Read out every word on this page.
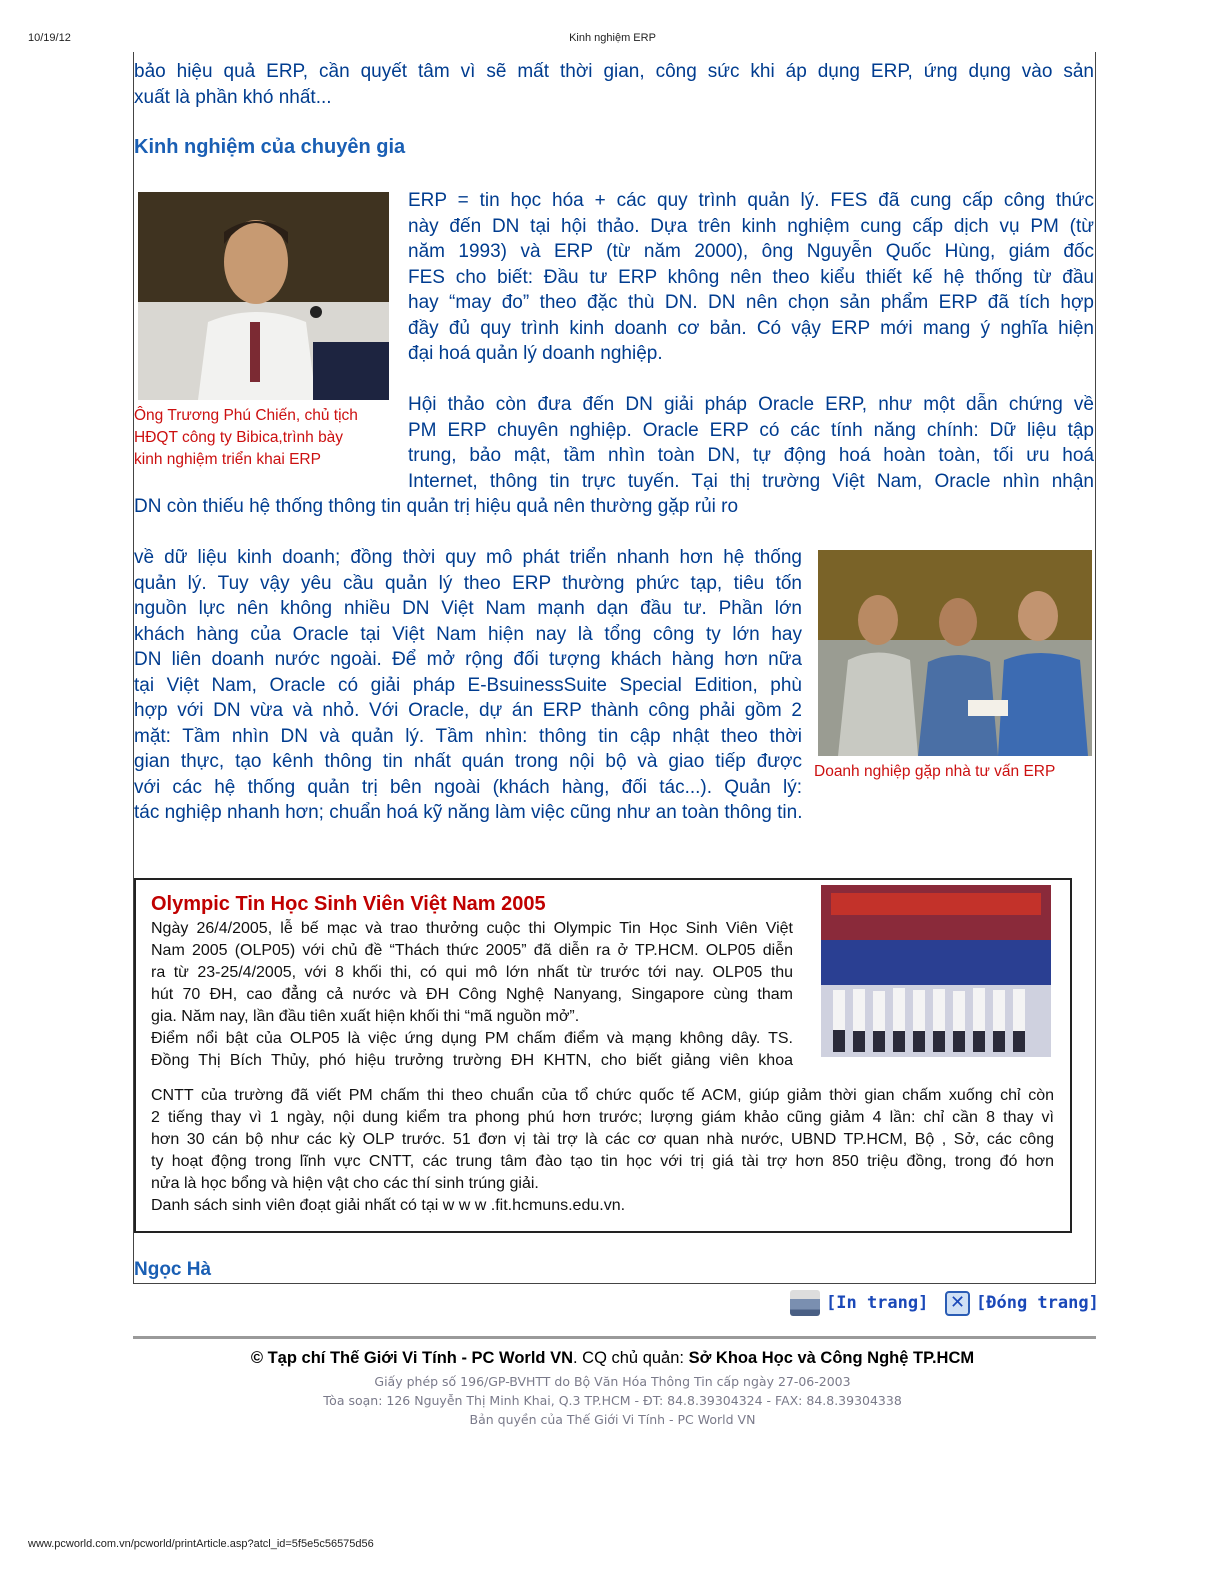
10/19/12	Kinh nghiệm ERP
bảo hiệu quả ERP, cần quyết tâm vì sẽ mất thời gian, công sức khi áp dụng ERP, ứng dụng vào sản
xuất là phần khó nhất...
Kinh nghiệm của chuyên gia
Ông Trương Phú Chiến, chủ tịch
HĐQT công ty Bibica,trình bày
kinh nghiệm triển khai ERP
ERP = tin học hóa + các quy trình quản lý. FES đã cung cấp công thức
này đến DN tại hội thảo. Dựa trên kinh nghiệm cung cấp dịch vụ PM (từ
năm 1993) và ERP (từ năm 2000), ông Nguyễn Quốc Hùng, giám đốc
FES cho biết: Đầu tư ERP không nên theo kiểu thiết kế hệ thống từ đầu
hay “may đo” theo đặc thù DN. DN nên chọn sản phẩm ERP đã tích hợp
đầy đủ quy trình kinh doanh cơ bản. Có vậy ERP mới mang ý nghĩa hiện
đại hoá quản lý doanh nghiệp.
Hội thảo còn đưa đến DN giải pháp Oracle ERP, như một dẫn chứng về
PM ERP chuyên nghiệp. Oracle ERP có các tính năng chính: Dữ liệu tập
trung, bảo mật, tầm nhìn toàn DN, tự động hoá hoàn toàn, tối ưu hoá
Internet, thông tin trực tuyến. Tại thị trường Việt Nam, Oracle nhìn nhận
DN còn thiếu hệ thống thông tin quản trị hiệu quả nên thường gặp rủi ro
về dữ liệu kinh doanh; đồng thời quy mô phát triển nhanh hơn hệ thống
quản lý. Tuy vậy yêu cầu quản lý theo ERP thường phức tạp, tiêu tốn
nguồn lực nên không nhiều DN Việt Nam mạnh dạn đầu tư. Phần lớn
khách hàng của Oracle tại Việt Nam hiện nay là tổng công ty lớn hay
DN liên doanh nước ngoài. Để mở rộng đối tượng khách hàng hơn nữa
tại Việt Nam, Oracle có giải pháp E-BsuinessSuite Special Edition, phù
hợp với DN vừa và nhỏ. Với Oracle, dự án ERP thành công phải gồm 2
mặt: Tầm nhìn DN và quản lý. Tầm nhìn: thông tin cập nhật theo thời
gian thực, tạo kênh thông tin nhất quán trong nội bộ và giao tiếp được
với các hệ thống quản trị bên ngoài (khách hàng, đối tác...). Quản lý:
tác nghiệp nhanh hơn; chuẩn hoá kỹ năng làm việc cũng như an toàn thông tin.
Doanh nghiệp gặp nhà tư vấn ERP
Olympic Tin Học Sinh Viên Việt Nam 2005
Ngày 26/4/2005, lễ bế mạc và trao thưởng cuộc thi Olympic Tin Học Sinh Viên Việt
Nam 2005 (OLP05) với chủ đề “Thách thức 2005” đã diễn ra ở TP.HCM. OLP05 diễn
ra từ 23-25/4/2005, với 8 khối thi, có qui mô lớn nhất từ trước tới nay. OLP05 thu
hút 70 ĐH, cao đẳng cả nước và ĐH Công Nghệ Nanyang, Singapore cùng tham
gia. Năm nay, lần đầu tiên xuất hiện khối thi “mã nguồn mở”.
Điểm nổi bật của OLP05 là việc ứng dụng PM chấm điểm và mạng không dây. TS.
Đồng Thị Bích Thủy, phó hiệu trưởng trường ĐH KHTN, cho biết giảng viên khoa
CNTT của trường đã viết PM chấm thi theo chuẩn của tổ chức quốc tế ACM, giúp giảm thời gian chấm xuống chỉ còn
2 tiếng thay vì 1 ngày, nội dung kiểm tra phong phú hơn trước; lượng giám khảo cũng giảm 4 lần: chỉ cần 8 thay vì
hơn 30 cán bộ như các kỳ OLP trước. 51 đơn vị tài trợ là các cơ quan nhà nước, UBND TP.HCM, Bộ , Sở, các công
ty hoạt động trong lĩnh vực CNTT, các trung tâm đào tạo tin học với trị giá tài trợ hơn 850 triệu đồng, trong đó hơn
nửa là học bổng và hiện vật cho các thí sinh trúng giải.
Danh sách sinh viên đoạt giải nhất có tại w w w .fit.hcmuns.edu.vn.
Ngọc Hà
[In trang] ✕ [Đóng trang]
© Tạp chí Thế Giới Vi Tính - PC World VN. CQ chủ quản: Sở Khoa Học và Công Nghệ TP.HCM
Giấy phép số 196/GP-BVHTT do Bộ Văn Hóa Thông Tin cấp ngày 27-06-2003
Tòa soạn: 126 Nguyễn Thị Minh Khai, Q.3 TP.HCM - ĐT: 84.8.39304324 - FAX: 84.8.39304338
Bản quyền của Thế Giới Vi Tính - PC World VN
www.pcworld.com.vn/pcworld/printArticle.asp?atcl_id=5f5e5c56575d56
